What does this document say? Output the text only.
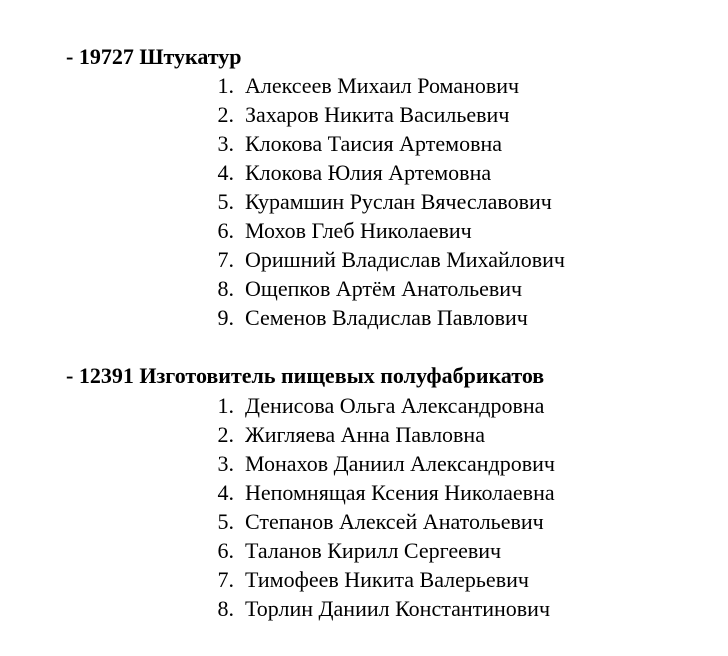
- 19727 Штукатур
1. Алексеев Михаил Романович
2. Захаров Никита Васильевич
3. Клокова Таисия Артемовна
4. Клокова Юлия Артемовна
5. Курамшин Руслан Вячеславович
6. Мохов Глеб Николаевич
7. Оришний Владислав Михайлович
8. Ощепков Артём Анатольевич
9. Семенов Владислав Павлович
- 12391 Изготовитель пищевых полуфабрикатов
1. Денисова Ольга Александровна
2. Жигляева Анна Павловна
3. Монахов Даниил Александрович
4. Непомнящая Ксения Николаевна
5. Степанов Алексей Анатольевич
6. Таланов Кирилл Сергеевич
7. Тимофеев Никита Валерьевич
8. Торлин Даниил Константинович
